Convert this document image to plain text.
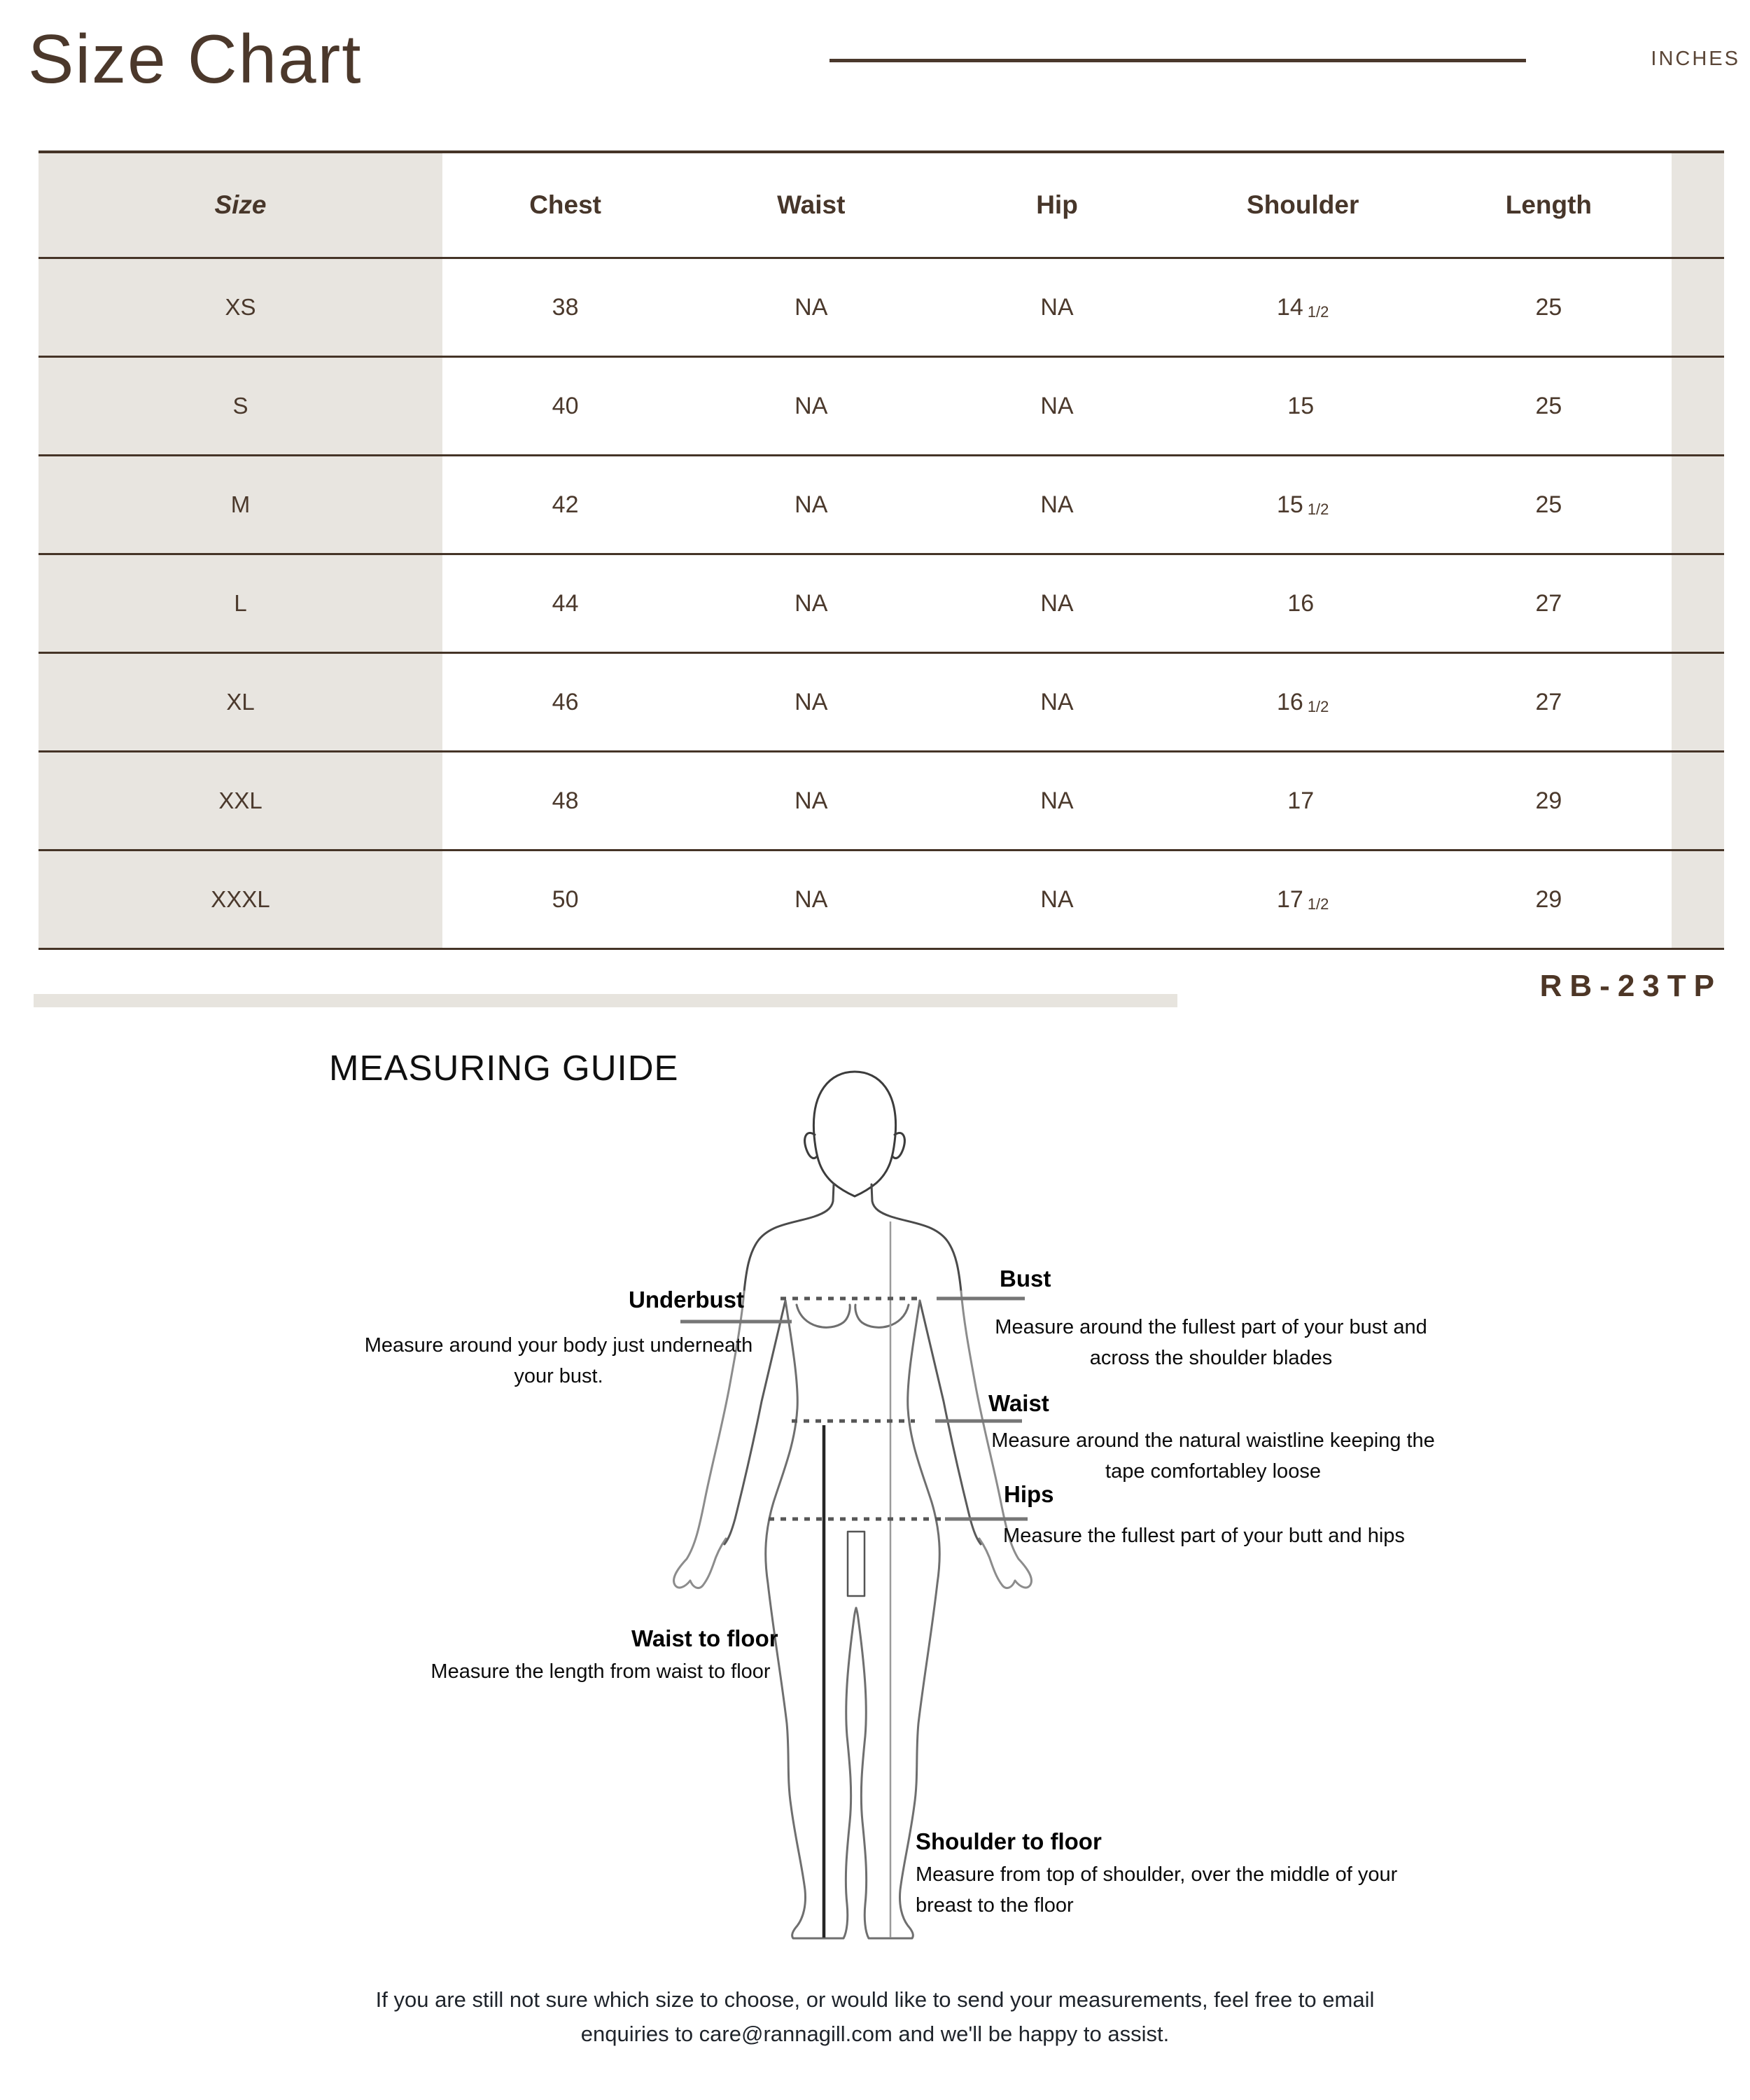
Size Chart	INCHES
Size	Chest	Waist	Hip	Shoulder	Length
XS	38	NA	NA	14 1/2	25
S	40	NA	NA	15	25
M	42	NA	NA	15 1/2	25
L	44	NA	NA	16	27
XL	46	NA	NA	16 1/2	27
XXL	48	NA	NA	17	29
XXXL	50	NA	NA	17 1/2	29
RB-23TP
MEASURING GUIDE
Underbust
Measure around your body just underneath your bust.
Bust
Measure around the fullest part of your bust and across the shoulder blades
Waist
Measure around the natural waistline keeping the tape comfortabley loose
Hips
Measure the fullest part of your butt and hips
Waist to floor
Measure the length from waist to floor
Shoulder to floor
Measure from top of shoulder, over the middle of your breast to the floor
If you are still not sure which size to choose, or would like to send your measurements, feel free to email
enquiries to care@rannagill.com and we'll be happy to assist.
